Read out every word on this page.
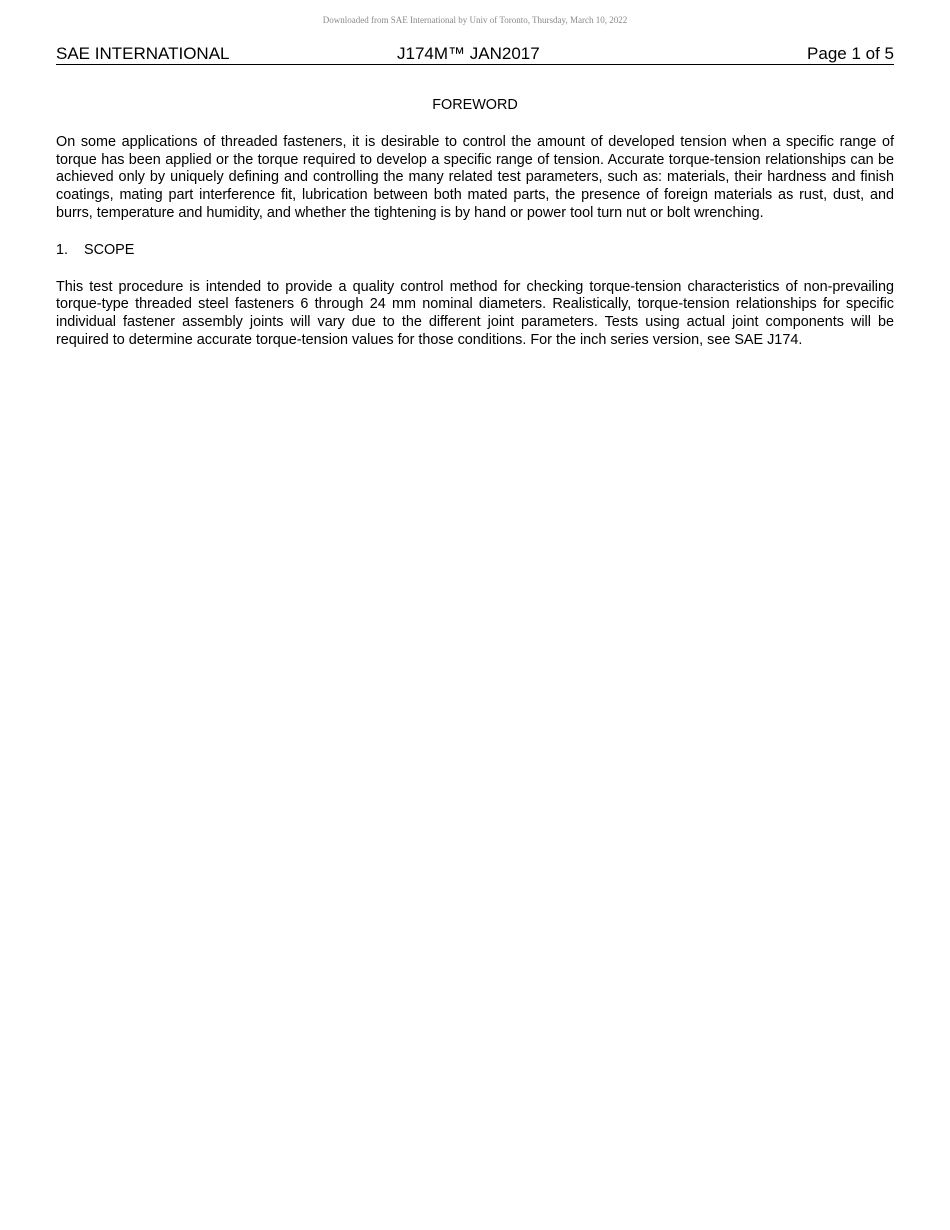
Downloaded from SAE International by Univ of Toronto, Thursday, March 10, 2022
SAE INTERNATIONAL	J174M™ JAN2017	Page 1 of 5
FOREWORD
On some applications of threaded fasteners, it is desirable to control the amount of developed tension when a specific range of torque has been applied or the torque required to develop a specific range of tension. Accurate torque-tension relationships can be achieved only by uniquely defining and controlling the many related test parameters, such as: materials, their hardness and finish coatings, mating part interference fit, lubrication between both mated parts, the presence of foreign materials as rust, dust, and burrs, temperature and humidity, and whether the tightening is by hand or power tool turn nut or bolt wrenching.
1. SCOPE
This test procedure is intended to provide a quality control method for checking torque-tension characteristics of non-prevailing torque-type threaded steel fasteners 6 through 24 mm nominal diameters. Realistically, torque-tension relationships for specific individual fastener assembly joints will vary due to the different joint parameters. Tests using actual joint components will be required to determine accurate torque-tension values for those conditions. For the inch series version, see SAE J174.
